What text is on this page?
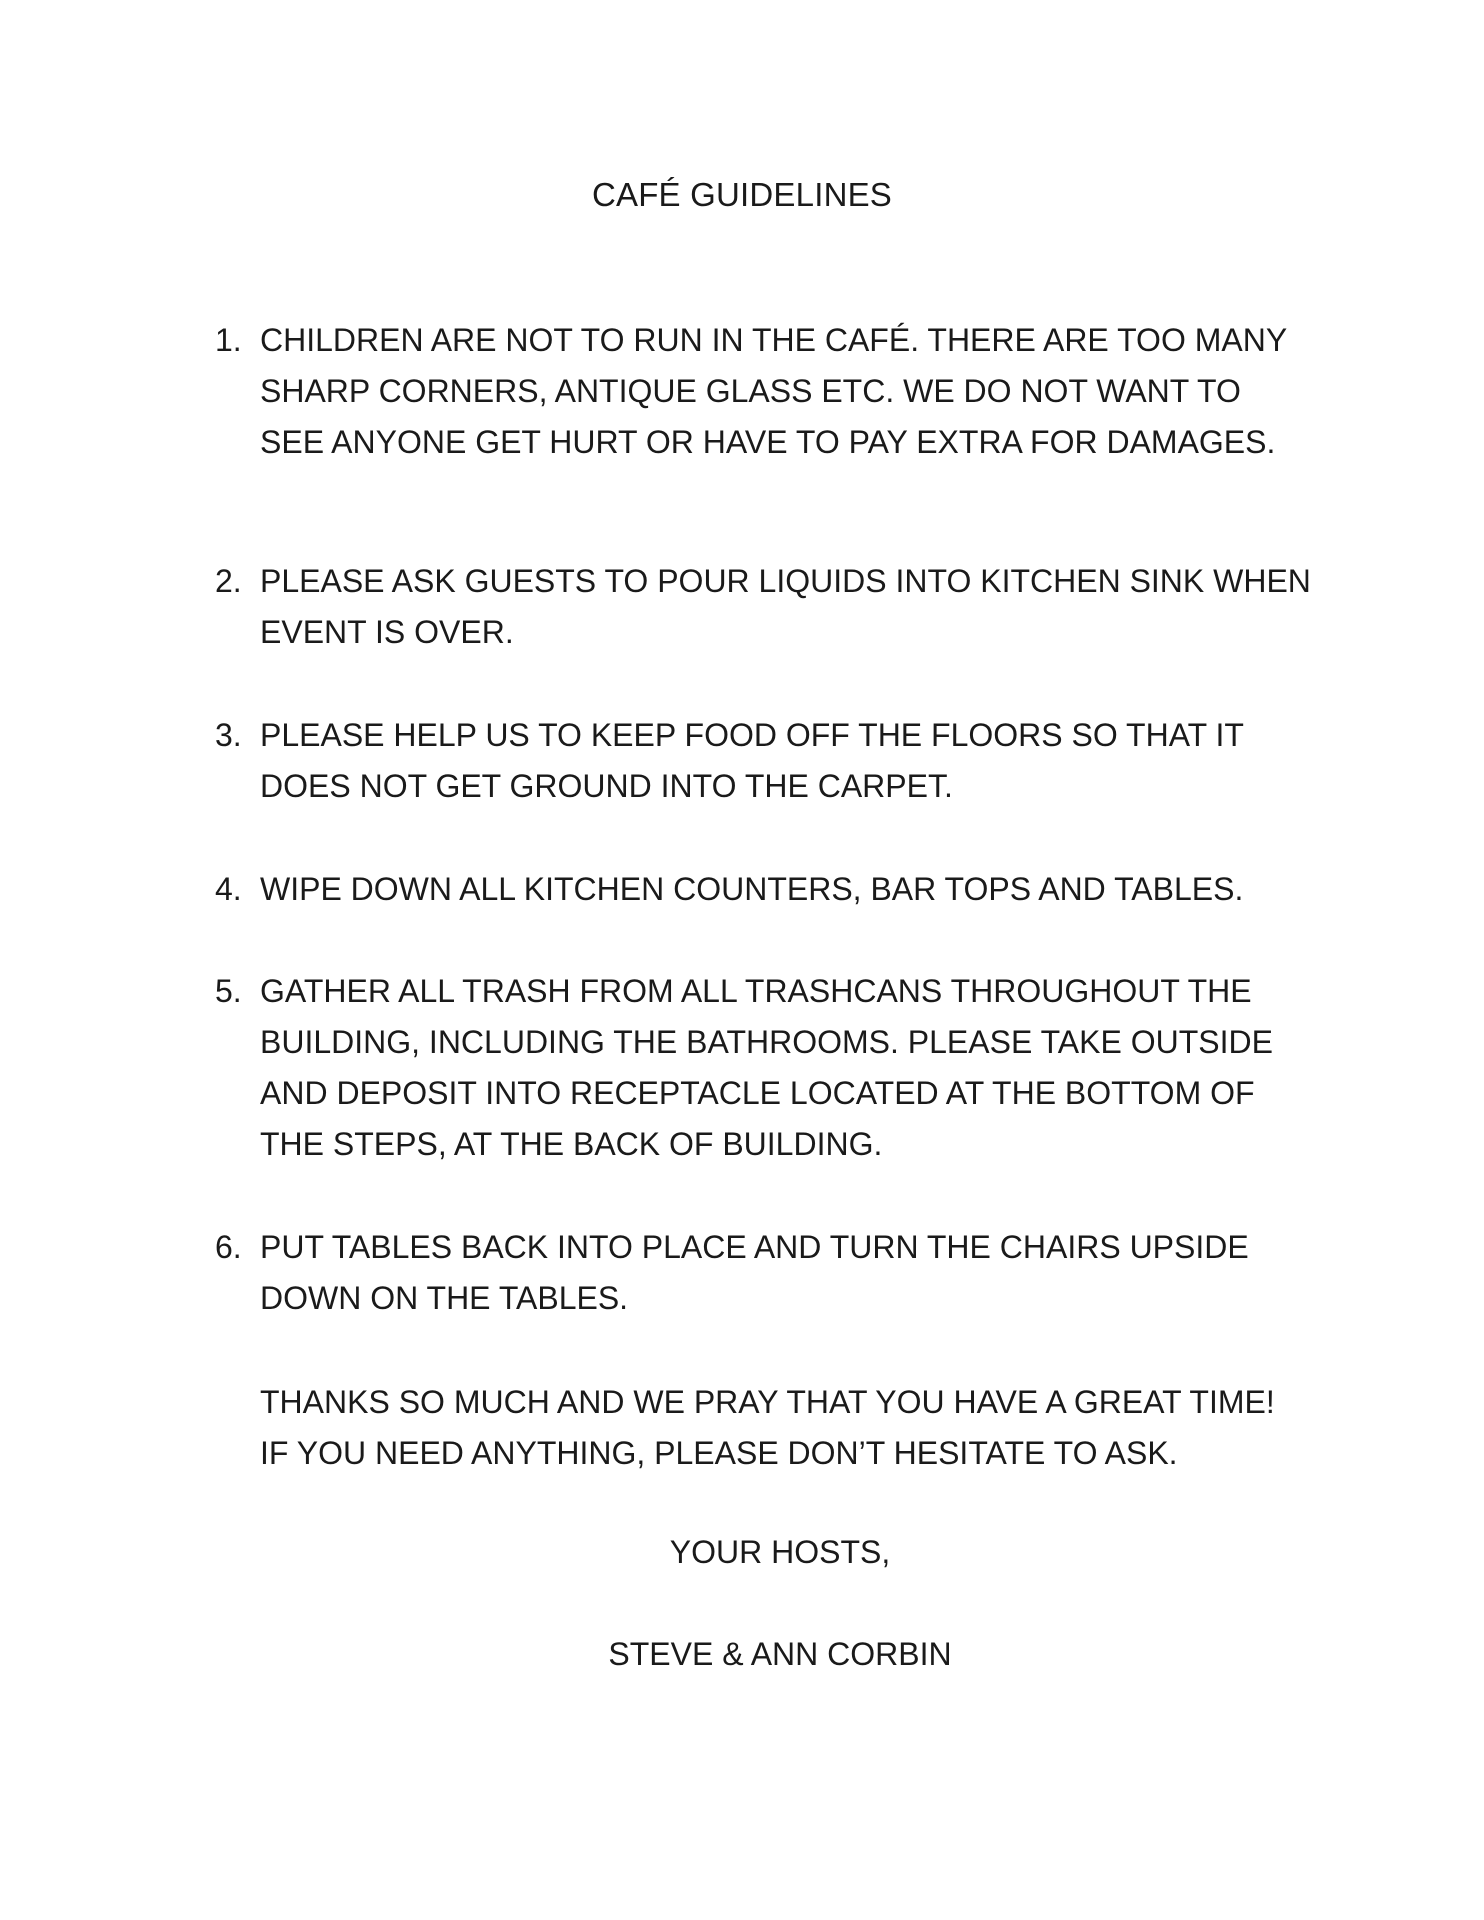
CAFÉ GUIDELINES
1. CHILDREN ARE NOT TO RUN IN THE CAFÉ. THERE ARE TOO MANY
SHARP CORNERS, ANTIQUE GLASS ETC. WE DO NOT WANT TO
SEE ANYONE GET HURT OR HAVE TO PAY EXTRA FOR DAMAGES.
2. PLEASE ASK GUESTS TO POUR LIQUIDS INTO KITCHEN SINK WHEN
EVENT IS OVER.
3. PLEASE HELP US TO KEEP FOOD OFF THE FLOORS SO THAT IT
DOES NOT GET GROUND INTO THE CARPET.
4. WIPE DOWN ALL KITCHEN COUNTERS, BAR TOPS AND TABLES.
5. GATHER ALL TRASH FROM ALL TRASHCANS THROUGHOUT THE
BUILDING, INCLUDING THE BATHROOMS. PLEASE TAKE OUTSIDE
AND DEPOSIT INTO RECEPTACLE LOCATED AT THE BOTTOM OF
THE STEPS, AT THE BACK OF BUILDING.
6. PUT TABLES BACK INTO PLACE AND TURN THE CHAIRS UPSIDE
DOWN ON THE TABLES.
THANKS SO MUCH AND WE PRAY THAT YOU HAVE A GREAT TIME!
IF YOU NEED ANYTHING, PLEASE DON’T HESITATE TO ASK.
YOUR HOSTS,
STEVE & ANN CORBIN
